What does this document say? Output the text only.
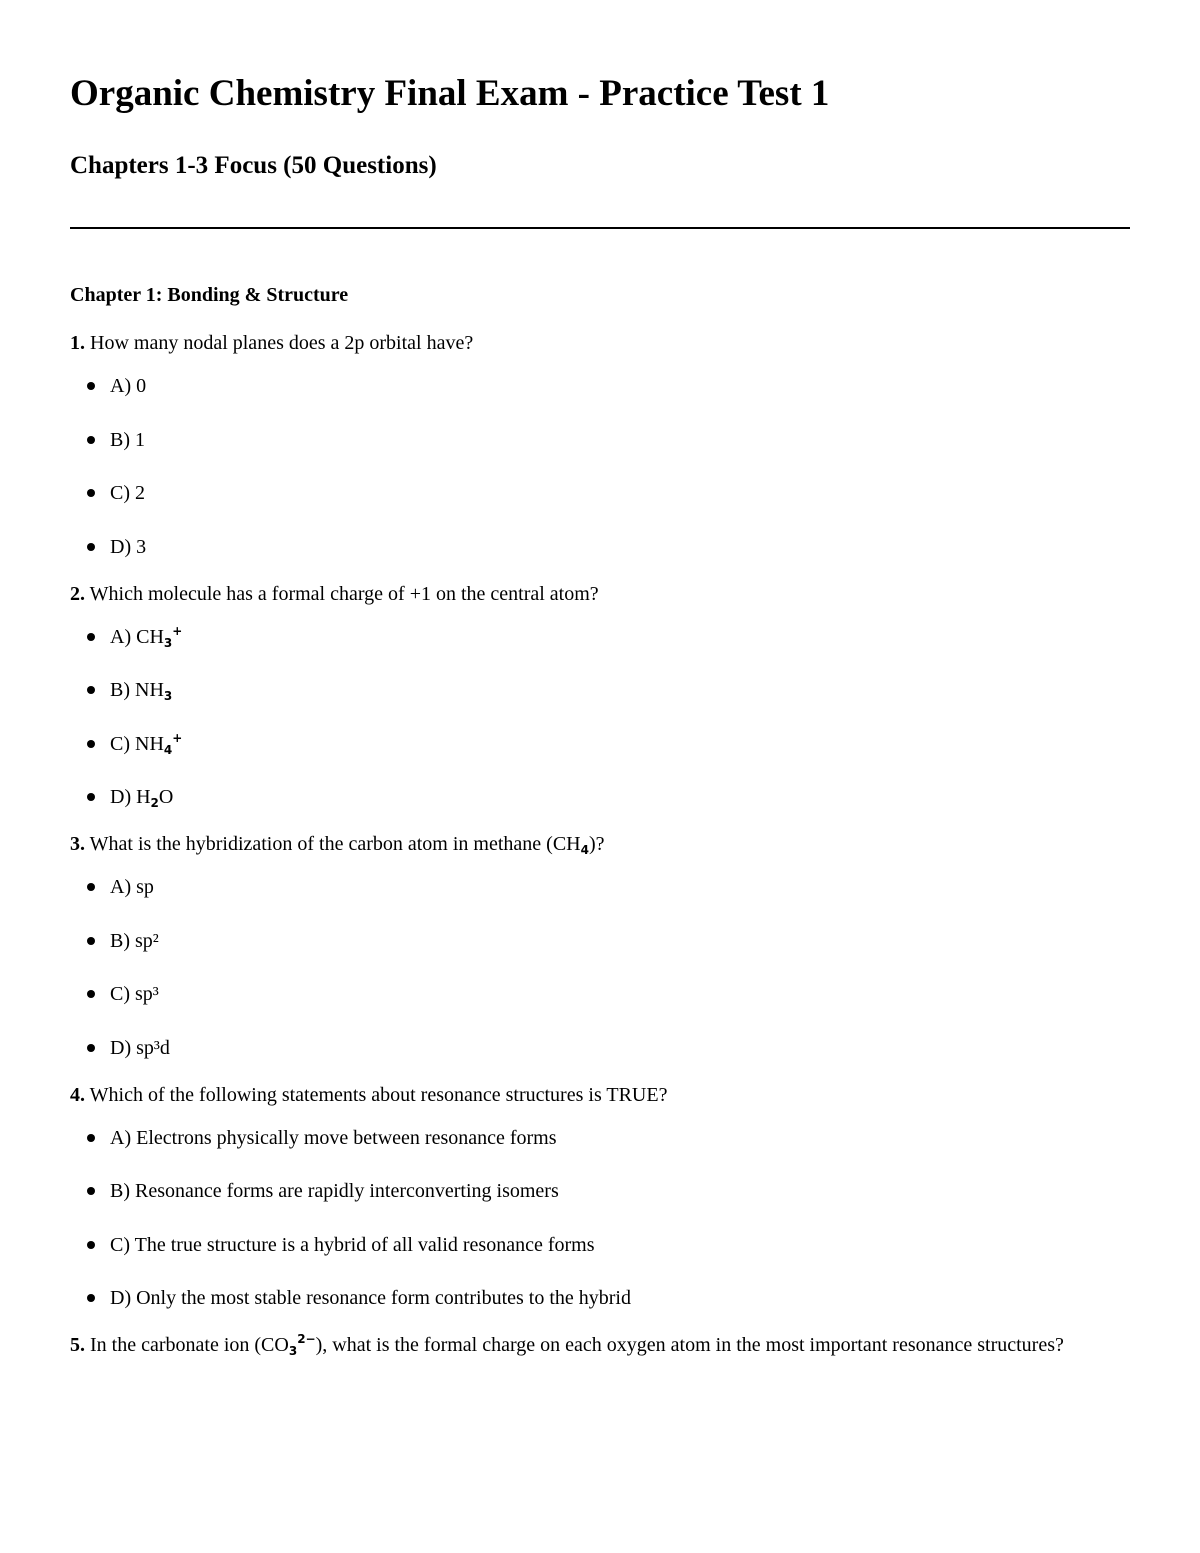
Organic Chemistry Final Exam - Practice Test 1
Chapters 1-3 Focus (50 Questions)

Chapter 1: Bonding & Structure

1. How many nodal planes does a 2p orbital have?

A) 0
B) 1
C) 2
D) 3

2. Which molecule has a formal charge of +1 on the central atom?

A) $CH_3^+$
B) $NH_3$
C) $NH_4^+$
D) $H_2O$

3. What is the hybridization of the carbon atom in methane $(CH_4)$?

A) sp
B) sp²
C) sp³
D) sp³d

4. Which of the following statements about resonance structures is TRUE?

A) Electrons physically move between resonance forms
B) Resonance forms are rapidly interconverting isomers
C) The true structure is a hybrid of all valid resonance forms
D) Only the most stable resonance form contributes to the hybrid

5. In the carbonate ion $(CO_3^{2-})$, what is the formal charge on each oxygen atom in the most important resonance structures?
